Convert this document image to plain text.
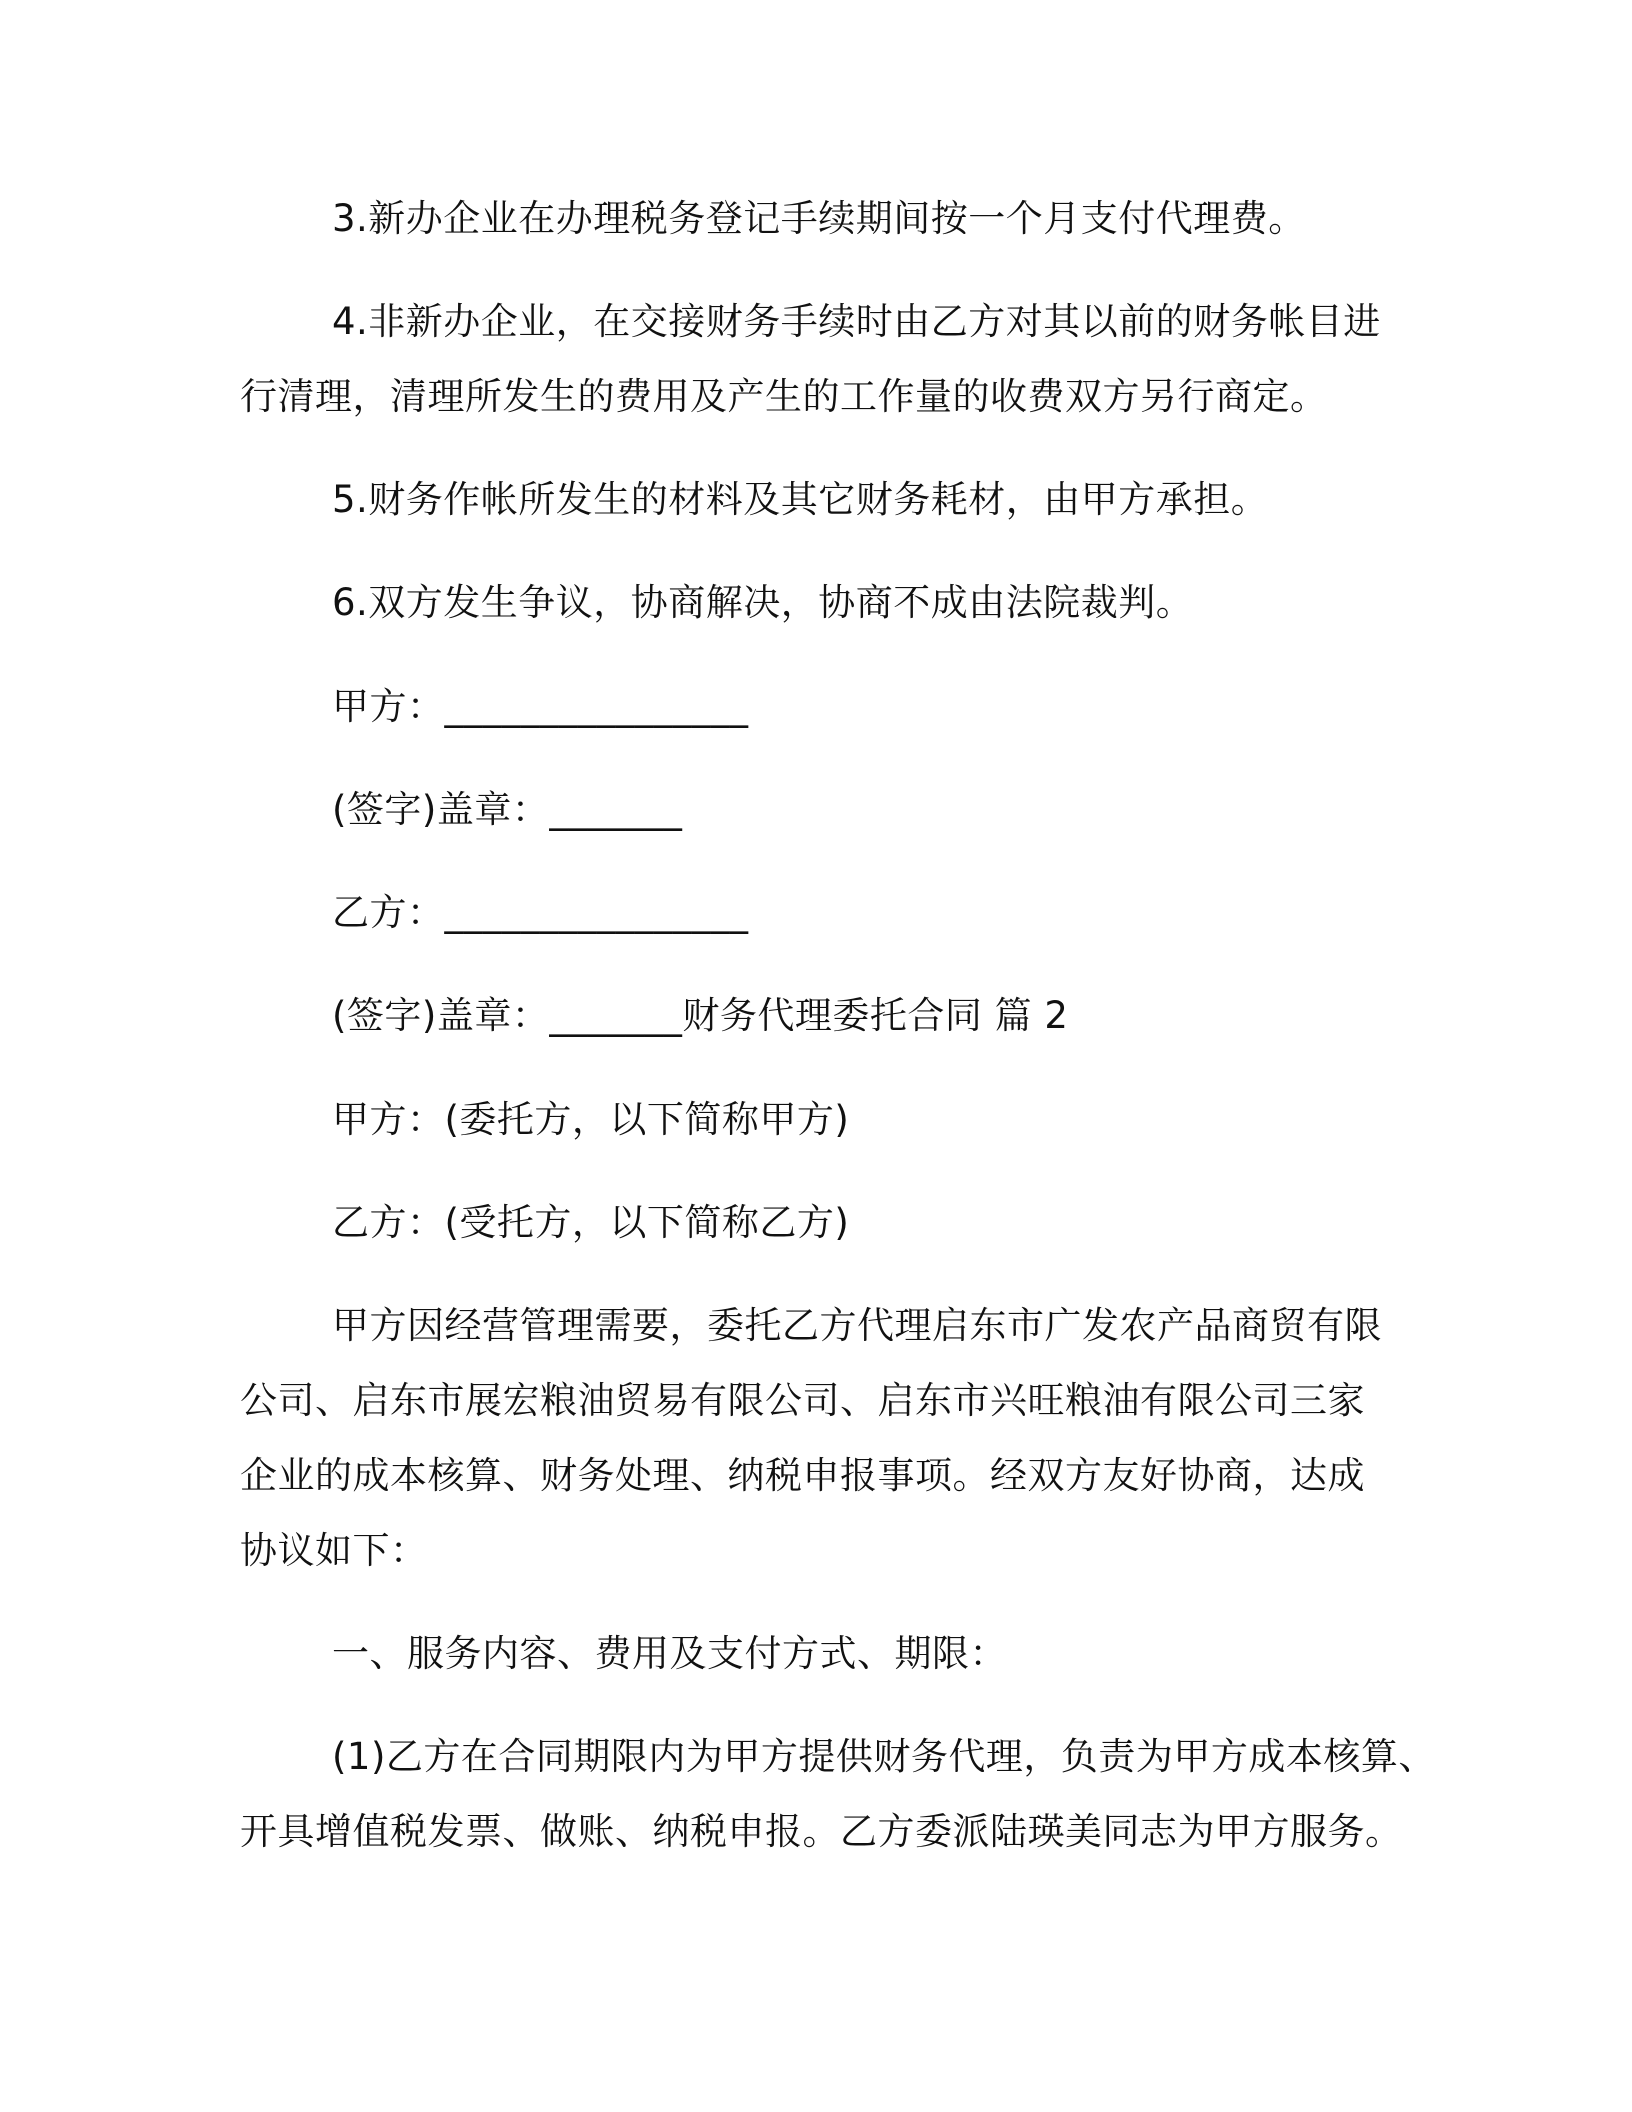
3.新办企业在办理税务登记手续期间按一个月支付代理费。
4.非新办企业，在交接财务手续时由乙方对其以前的财务帐目进
行清理，清理所发生的费用及产生的工作量的收费双方另行商定。
5.财务作帐所发生的材料及其它财务耗材，由甲方承担。
6.双方发生争议，协商解决，协商不成由法院裁判。
甲方：________________
(签字)盖章：_______
乙方：________________
(签字)盖章：_______财务代理委托合同 篇 2
甲方：(委托方，以下简称甲方)
乙方：(受托方，以下简称乙方)
甲方因经营管理需要，委托乙方代理启东市广发农产品商贸有限
公司、启东市展宏粮油贸易有限公司、启东市兴旺粮油有限公司三家
企业的成本核算、财务处理、纳税申报事项。经双方友好协商，达成
协议如下：
一、服务内容、费用及支付方式、期限：
(1)乙方在合同期限内为甲方提供财务代理，负责为甲方成本核算、
开具增值税发票、做账、纳税申报。乙方委派陆瑛美同志为甲方服务。
